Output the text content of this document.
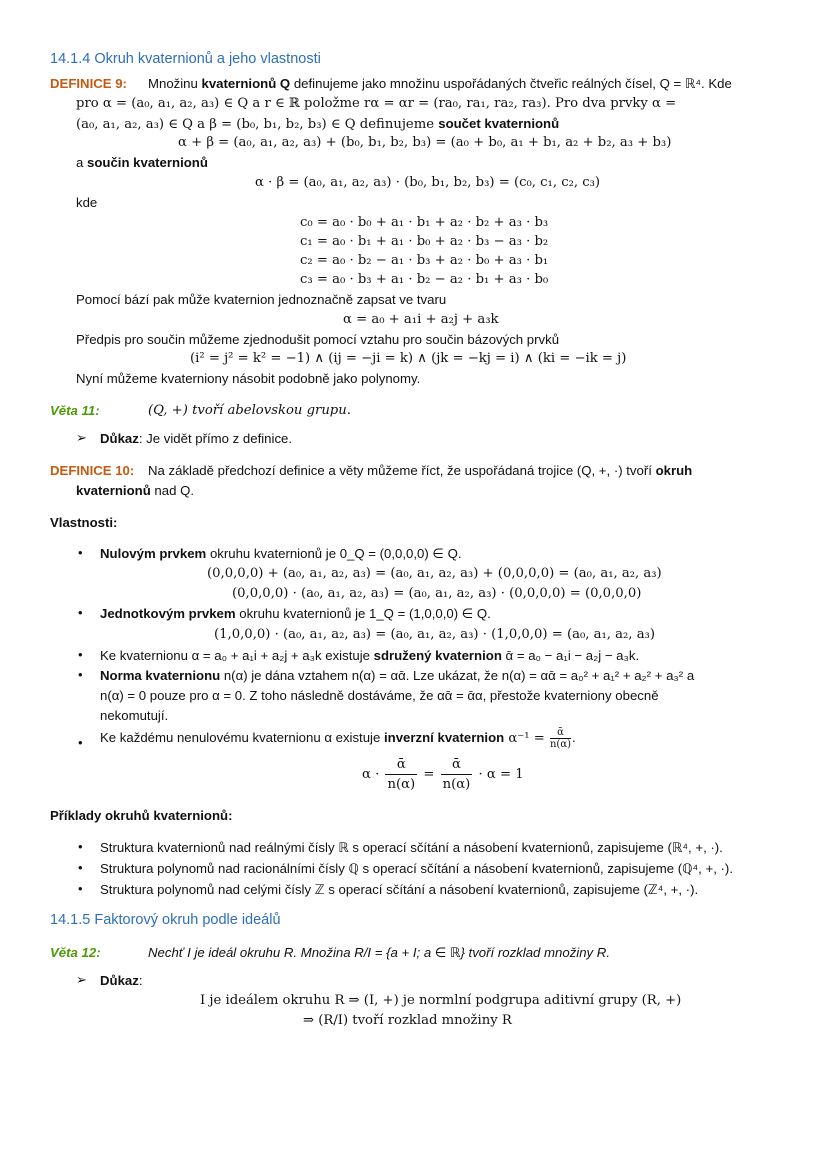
14.1.4 Okruh kvaternionů a jeho vlastnosti
DEFINICE 9: Množinu kvaternionů Q definujeme jako množinu uspořádaných čtveřic reálných čísel, Q = ℝ⁴. Kde
pro α = (a₀, a₁, a₂, a₃) ∈ Q a r ∈ ℝ položme rα = αr = (ra₀, ra₁, ra₂, ra₃). Pro dva prvky α =
(a₀, a₁, a₂, a₃) ∈ Q a β = (b₀, b₁, b₂, b₃) ∈ Q definujeme součet kvaternionů
α + β = (a₀, a₁, a₂, a₃) + (b₀, b₁, b₂, b₃) = (a₀ + b₀, a₁ + b₁, a₂ + b₂, a₃ + b₃)
a součin kvaternionů
α · β = (a₀, a₁, a₂, a₃) · (b₀, b₁, b₂, b₃) = (c₀, c₁, c₂, c₃)
kde
c₀ = a₀ · b₀ + a₁ · b₁ + a₂ · b₂ + a₃ · b₃
c₁ = a₀ · b₁ + a₁ · b₀ + a₂ · b₃ − a₃ · b₂
c₂ = a₀ · b₂ − a₁ · b₃ + a₂ · b₀ + a₃ · b₁
c₃ = a₀ · b₃ + a₁ · b₂ − a₂ · b₁ + a₃ · b₀
Pomocí bází pak může kvaternion jednoznačně zapsat ve tvaru
α = a₀ + a₁i + a₂j + a₃k
Předpis pro součin můžeme zjednodušit pomocí vztahu pro součin bázových prvků
(i² = j² = k² = −1) ∧ (ij = −ji = k) ∧ (jk = −kj = i) ∧ (ki = −ik = j)
Nyní můžeme kvaterniony násobit podobně jako polynomy.
Věta 11:	(Q, +) tvoří abelovskou grupu.
➢ Důkaz: Je vidět přímo z definice.
DEFINICE 10: Na základě předchozí definice a věty můžeme říct, že uspořádaná trojice (Q, +, ·) tvoří okruh
kvaternionů nad Q.
Vlastnosti:
• Nulovým prvkem okruhu kvaternionů je 0_Q = (0,0,0,0) ∈ Q.
(0,0,0,0) + (a₀, a₁, a₂, a₃) = (a₀, a₁, a₂, a₃) + (0,0,0,0) = (a₀, a₁, a₂, a₃)
(0,0,0,0) · (a₀, a₁, a₂, a₃) = (a₀, a₁, a₂, a₃) · (0,0,0,0) = (0,0,0,0)
• Jednotkovým prvkem okruhu kvaternionů je 1_Q = (1,0,0,0) ∈ Q.
(1,0,0,0) · (a₀, a₁, a₂, a₃) = (a₀, a₁, a₂, a₃) · (1,0,0,0) = (a₀, a₁, a₂, a₃)
• Ke kvaternionu α = a₀ + a₁i + a₂j + a₃k existuje sdružený kvaternion ᾱ = a₀ − a₁i − a₂j − a₃k.
• Norma kvaternionu n(α) je dána vztahem n(α) = αᾱ. Lze ukázat, že n(α) = αᾱ = a₀² + a₁² + a₂² + a₃² a
n(α) = 0 pouze pro α = 0. Z toho následně dostáváme, že αᾱ = ᾱα, přestože kvaterniony obecně
nekomutují.
• Ke každému nenulovému kvaternionu α existuje inverzní kvaternion $\alpha^{-1} = \frac{\text{ᾱ}}{n(\alpha)}$.
$\alpha \cdot \frac{\text{ᾱ}}{n(\alpha)} = \frac{\text{ᾱ}}{n(\alpha)} \cdot \alpha = 1$
Příklady okruhů kvaternionů:
• Struktura kvaternionů nad reálnými čísly ℝ s operací sčítání a násobení kvaternionů, zapisujeme (ℝ⁴, +, ·).
• Struktura polynomů nad racionálními čísly ℚ s operací sčítání a násobení kvaternionů, zapisujeme (ℚ⁴, +, ·).
• Struktura polynomů nad celými čísly ℤ s operací sčítání a násobení kvaternionů, zapisujeme (ℤ⁴, +, ·).
14.1.5 Faktorový okruh podle ideálů
Věta 12:	Nechť I je ideál okruhu R. Množina R/I = {a + I; a ∈ ℝ} tvoří rozklad množiny R.
➢ Důkaz:
I je ideálem okruhu R ⇒ (I, +) je normlní podgrupa aditivní grupy (R, +)
⇒ (R/I) tvoří rozklad množiny R
